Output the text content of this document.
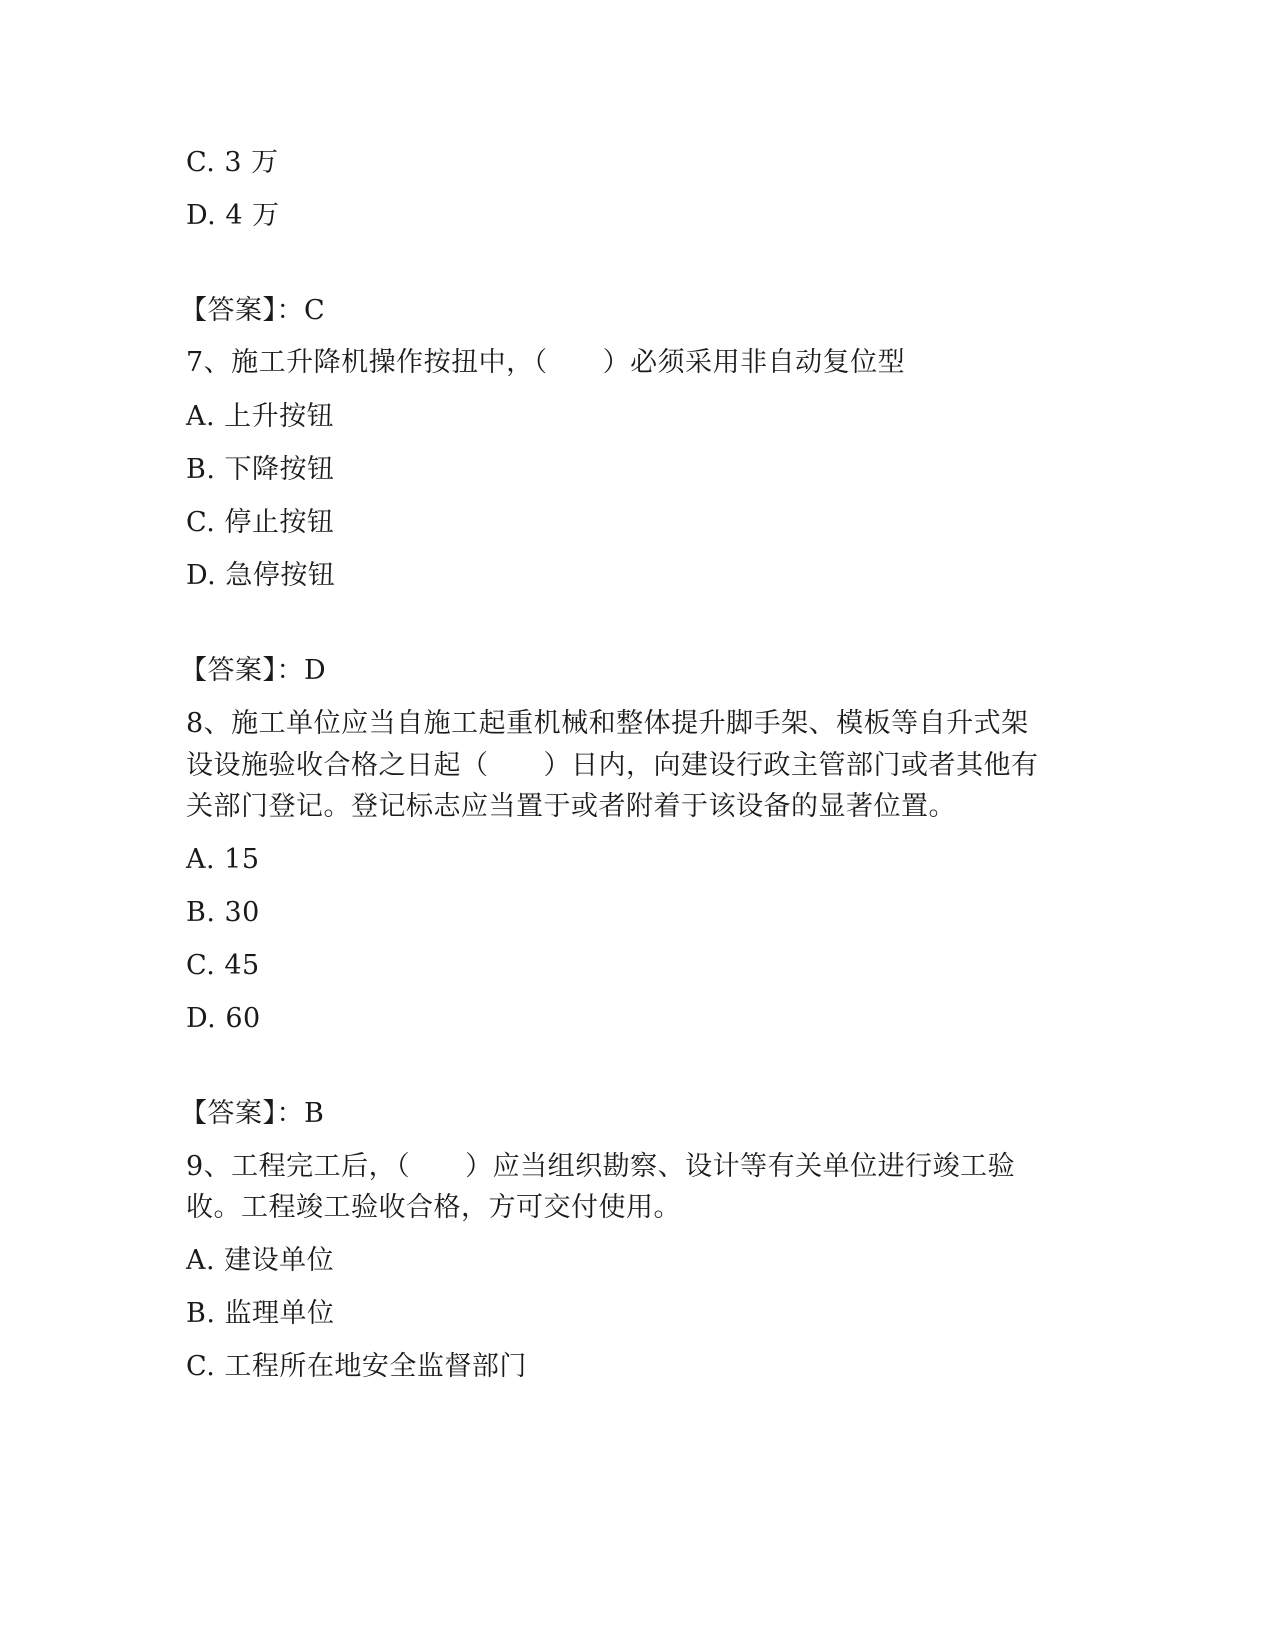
C. 3 万
D. 4 万
【答案】：C
7、施工升降机操作按扭中，（　　）必须采用非自动复位型
A. 上升按钮
B. 下降按钮
C. 停止按钮
D. 急停按钮
【答案】：D
8、施工单位应当自施工起重机械和整体提升脚手架、模板等自升式架
设设施验收合格之日起（　　）日内，向建设行政主管部门或者其他有
关部门登记。登记标志应当置于或者附着于该设备的显著位置。
A. 15
B. 30
C. 45
D. 60
【答案】：B
9、工程完工后，（　　）应当组织勘察、设计等有关单位进行竣工验
收。工程竣工验收合格，方可交付使用。
A. 建设单位
B. 监理单位
C. 工程所在地安全监督部门
